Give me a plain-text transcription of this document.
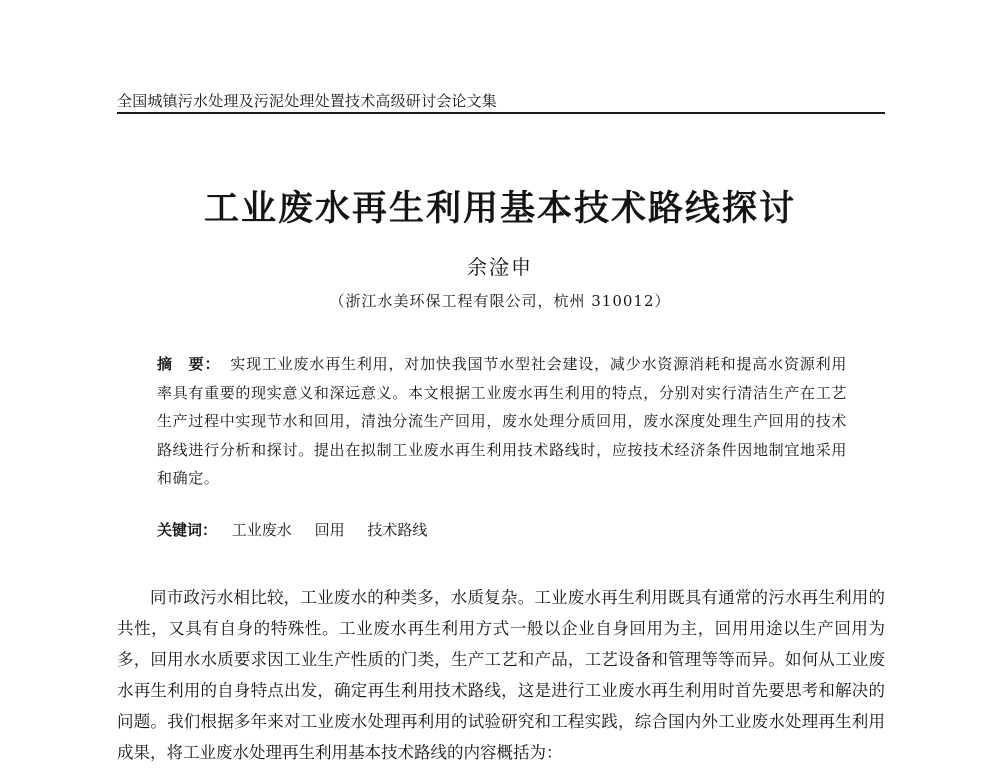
全国城镇污水处理及污泥处理处置技术高级研讨会论文集
工业废水再生利用基本技术路线探讨
余淦申
（浙江水美环保工程有限公司，杭州 310012）
摘　要： 实现工业废水再生利用，对加快我国节水型社会建设，减少水资源消耗和提高水资源利用率具有重要的现实意义和深远意义。本文根据工业废水再生利用的特点，分别对实行清洁生产在工艺生产过程中实现节水和回用，清浊分流生产回用，废水处理分质回用，废水深度处理生产回用的技术路线进行分析和探讨。提出在拟制工业废水再生利用技术路线时，应按技术经济条件因地制宜地采用和确定。
关键词： 工业废水 回用 技术路线

同市政污水相比较，工业废水的种类多，水质复杂。工业废水再生利用既具有通常的污水再生利用的共性，又具有自身的特殊性。工业废水再生利用方式一般以企业自身回用为主，回用用途以生产回用为多，回用水水质要求因工业生产性质的门类，生产工艺和产品，工艺设备和管理等等而异。如何从工业废水再生利用的自身特点出发，确定再生利用技术路线，这是进行工业废水再生利用时首先要思考和解决的问题。我们根据多年来对工业废水处理再利用的试验研究和工程实践，综合国内外工业废水处理再生利用成果，将工业废水处理再生利用基本技术路线的内容概括为：
